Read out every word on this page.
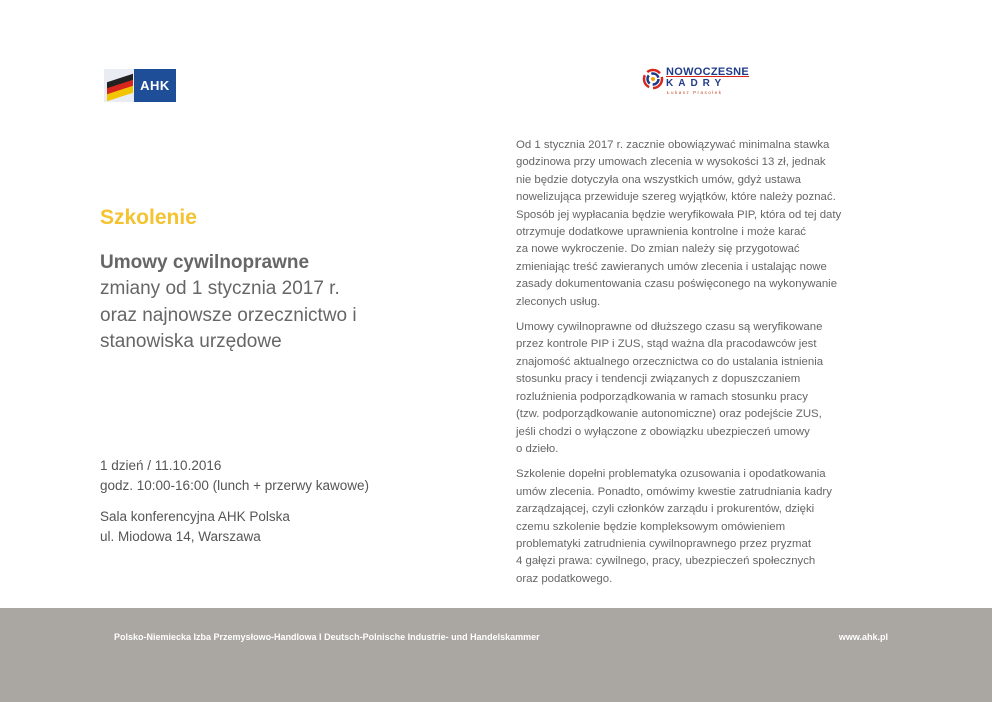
AHK
NOWOCZESNE
KADRY
Łukasz Prasołek
Szkolenie
Umowy cywilnoprawne
zmiany od 1 stycznia 2017 r.
oraz najnowsze orzecznictwo i
stanowiska urzędowe
1 dzień / 11.10.2016
godz. 10:00-16:00 (lunch + przerwy kawowe)
Sala konferencyjna AHK Polska
ul. Miodowa 14, Warszawa

Od 1 stycznia 2017 r. zacznie obowiązywać minimalna stawka
godzinowa przy umowach zlecenia w wysokości 13 zł, jednak
nie będzie dotyczyła ona wszystkich umów, gdyż ustawa
nowelizująca przewiduje szereg wyjątków, które należy poznać.
Sposób jej wypłacania będzie weryfikowała PIP, która od tej daty
otrzymuje dodatkowe uprawnienia kontrolne i może karać
za nowe wykroczenie. Do zmian należy się przygotować
zmieniając treść zawieranych umów zlecenia i ustalając nowe
zasady dokumentowania czasu poświęconego na wykonywanie
zleconych usług.

Umowy cywilnoprawne od dłuższego czasu są weryfikowane
przez kontrole PIP i ZUS, stąd ważna dla pracodawców jest
znajomość aktualnego orzecznictwa co do ustalania istnienia
stosunku pracy i tendencji związanych z dopuszczaniem
rozluźnienia podporządkowania w ramach stosunku pracy
(tzw. podporządkowanie autonomiczne) oraz podejście ZUS,
jeśli chodzi o wyłączone z obowiązku ubezpieczeń umowy
o dzieło.

Szkolenie dopełni problematyka ozusowania i opodatkowania
umów zlecenia. Ponadto, omówimy kwestie zatrudniania kadry
zarządzającej, czyli członków zarządu i prokurentów, dzięki
czemu szkolenie będzie kompleksowym omówieniem
problematyki zatrudnienia cywilnoprawnego przez pryzmat
4 gałęzi prawa: cywilnego, pracy, ubezpieczeń społecznych
oraz podatkowego.

Polsko-Niemiecka Izba Przemysłowo-Handlowa I Deutsch-Polnische Industrie- und Handelskammer	www.ahk.pl
